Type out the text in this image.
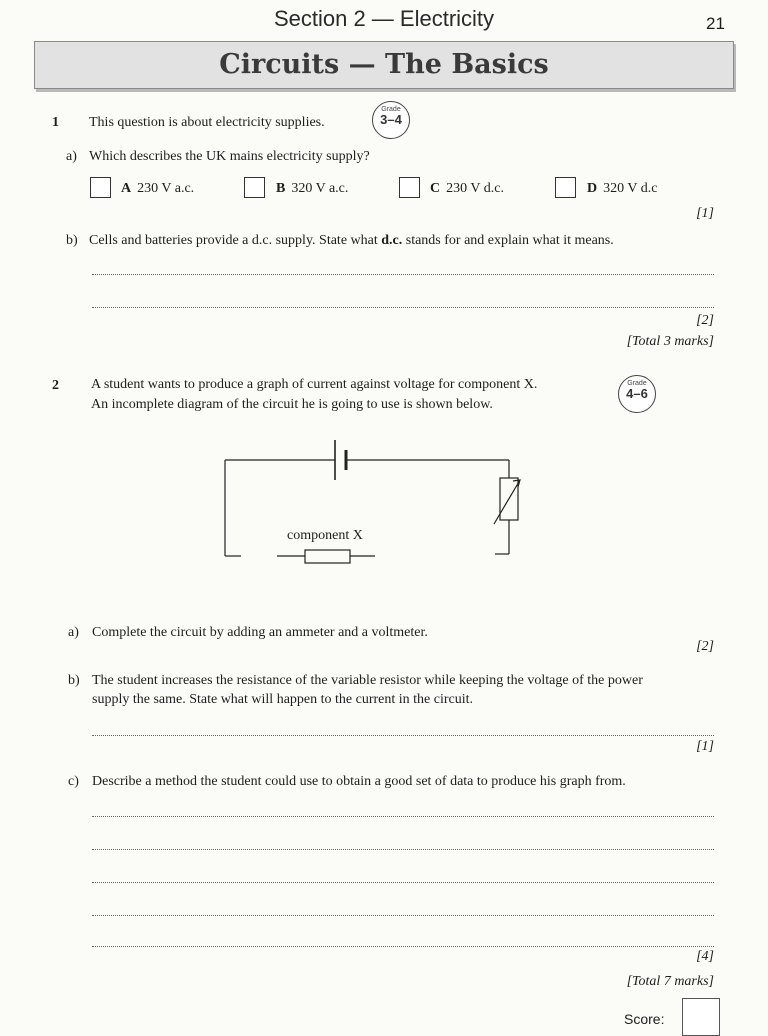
Section 2 — Electricity	21
Circuits — The Basics
1 This question is about electricity supplies.
Grade
3–4
a) Which describes the UK mains electricity supply?
A 230 V a.c.	B 320 V a.c.	C 230 V d.c.	D 320 V d.c
[1]
b) Cells and batteries provide a d.c. supply. State what d.c. stands for and explain what it means.
[2]
[Total 3 marks]
2 A student wants to produce a graph of current against voltage for component X.
An incomplete diagram of the circuit he is going to use is shown below.
Grade
4–6
component X
a) Complete the circuit by adding an ammeter and a voltmeter.
[2]
b) The student increases the resistance of the variable resistor while keeping the voltage of the power
supply the same. State what will happen to the current in the circuit.
[1]
c) Describe a method the student could use to obtain a good set of data to produce his graph from.
[4]
[Total 7 marks]
Score:
